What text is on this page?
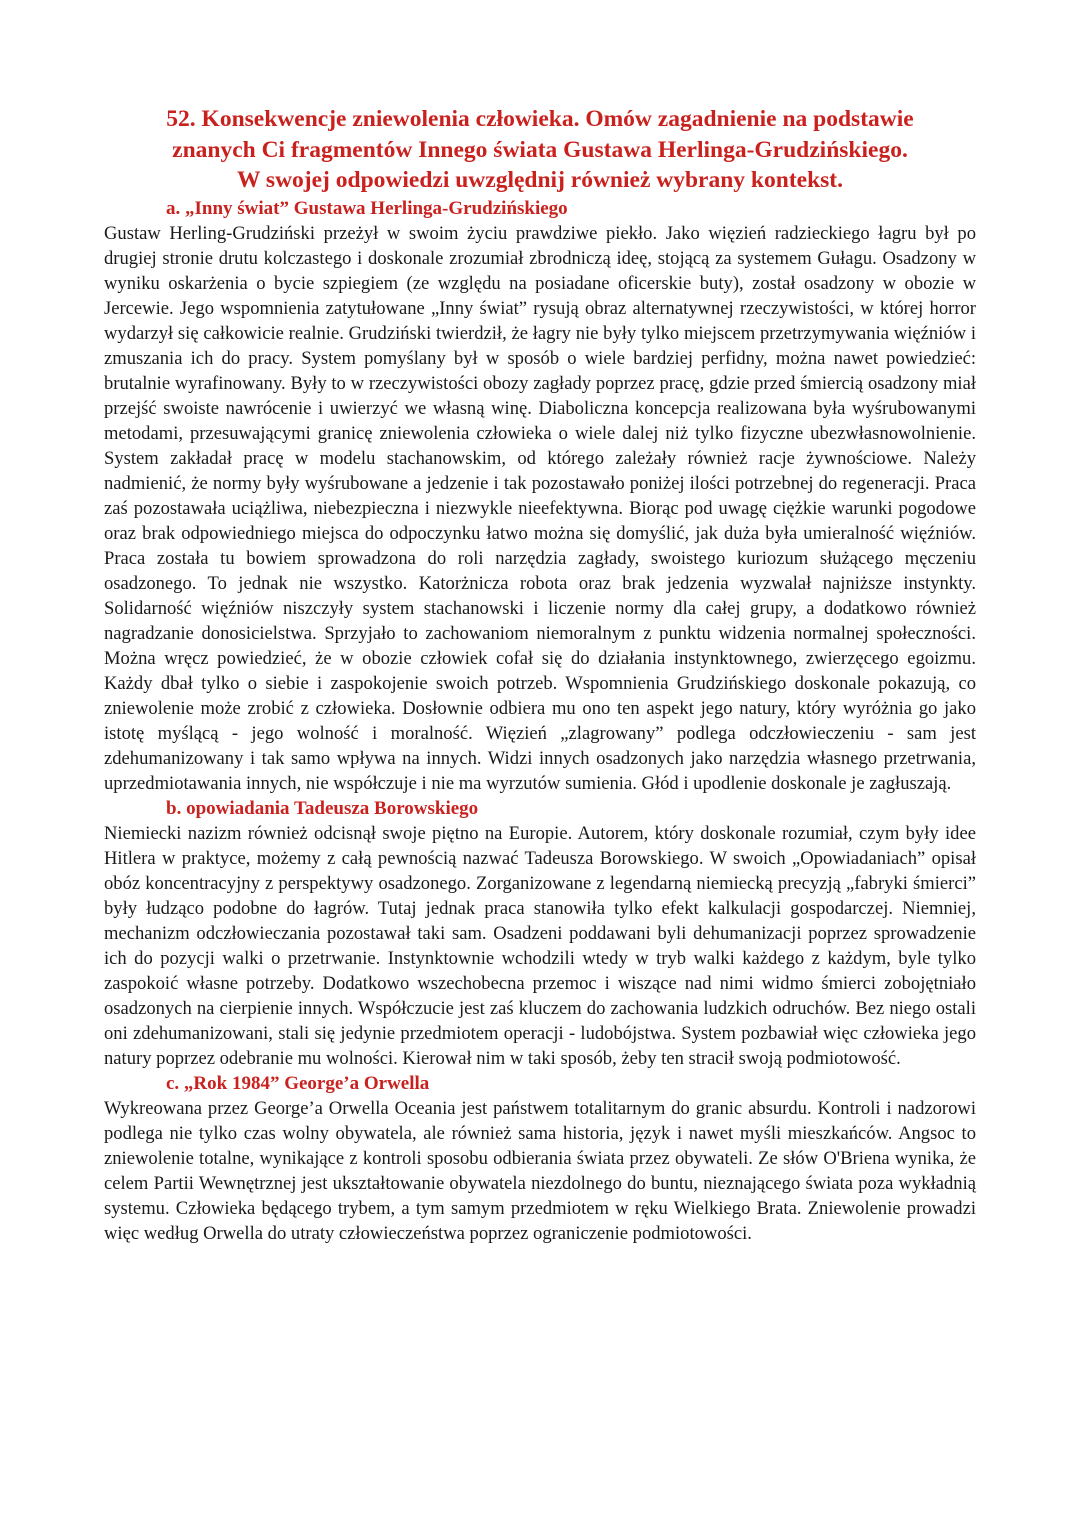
52. Konsekwencje zniewolenia człowieka. Omów zagadnienie na podstawie
znanych Ci fragmentów Innego świata Gustawa Herlinga-Grudzińskiego.
W swojej odpowiedzi uwzględnij również wybrany kontekst.
a. „Inny świat” Gustawa Herlinga-Grudzińskiego

Gustaw Herling-Grudziński przeżył w swoim życiu prawdziwe piekło. Jako więzień radzieckiego łagru był po drugiej stronie drutu kolczastego i doskonale zrozumiał zbrodniczą ideę, stojącą za systemem Gułagu. Osadzony w wyniku oskarżenia o bycie szpiegiem (ze względu na posiadane oficerskie buty), został osadzony w obozie w Jercewie. Jego wspomnienia zatytułowane „Inny świat” rysują obraz alternatywnej rzeczywistości, w której horror wydarzył się całkowicie realnie. Grudziński twierdził, że łagry nie były tylko miejscem przetrzymywania więźniów i zmuszania ich do pracy. System pomyślany był w sposób o wiele bardziej perfidny, można nawet powiedzieć: brutalnie wyrafinowany. Były to w rzeczywistości obozy zagłady poprzez pracę, gdzie przed śmiercią osadzony miał przejść swoiste nawrócenie i uwierzyć we własną winę. Diaboliczna koncepcja realizowana była wyśrubowanymi metodami, przesuwającymi granicę zniewolenia człowieka o wiele dalej niż tylko fizyczne ubezwłasnowolnienie. System zakładał pracę w modelu stachanowskim, od którego zależały również racje żywnościowe. Należy nadmienić, że normy były wyśrubowane a jedzenie i tak pozostawało poniżej ilości potrzebnej do regeneracji. Praca zaś pozostawała uciążliwa, niebezpieczna i niezwykle nieefektywna. Biorąc pod uwagę ciężkie warunki pogodowe oraz brak odpowiedniego miejsca do odpoczynku łatwo można się domyślić, jak duża była umieralność więźniów. Praca została tu bowiem sprowadzona do roli narzędzia zagłady, swoistego kuriozum służącego męczeniu osadzonego. To jednak nie wszystko. Katorżnicza robota oraz brak jedzenia wyzwalał najniższe instynkty. Solidarność więźniów niszczyły system stachanowski i liczenie normy dla całej grupy, a dodatkowo również nagradzanie donosicielstwa. Sprzyjało to zachowaniom niemoralnym z punktu widzenia normalnej społeczności. Można wręcz powiedzieć, że w obozie człowiek cofał się do działania instynktownego, zwierzęcego egoizmu. Każdy dbał tylko o siebie i zaspokojenie swoich potrzeb. Wspomnienia Grudzińskiego doskonale pokazują, co zniewolenie może zrobić z człowieka. Dosłownie odbiera mu ono ten aspekt jego natury, który wyróżnia go jako istotę myślącą - jego wolność i moralność. Więzień „zlagrowany” podlega odczłowieczeniu - sam jest zdehumanizowany i tak samo wpływa na innych. Widzi innych osadzonych jako narzędzia własnego przetrwania, uprzedmiotawania innych, nie współczuje i nie ma wyrzutów sumienia. Głód i upodlenie doskonale je zagłuszają.

b. opowiadania Tadeusza Borowskiego

Niemiecki nazizm również odcisnął swoje piętno na Europie. Autorem, który doskonale rozumiał, czym były idee Hitlera w praktyce, możemy z całą pewnością nazwać Tadeusza Borowskiego. W swoich „Opowiadaniach” opisał obóz koncentracyjny z perspektywy osadzonego. Zorganizowane z legendarną niemiecką precyzją „fabryki śmierci” były łudząco podobne do łagrów. Tutaj jednak praca stanowiła tylko efekt kalkulacji gospodarczej. Niemniej, mechanizm odczłowieczania pozostawał taki sam. Osadzeni poddawani byli dehumanizacji poprzez sprowadzenie ich do pozycji walki o przetrwanie. Instynktownie wchodzili wtedy w tryb walki każdego z każdym, byle tylko zaspokoić własne potrzeby. Dodatkowo wszechobecna przemoc i wiszące nad nimi widmo śmierci zobojętniało osadzonych na cierpienie innych. Współczucie jest zaś kluczem do zachowania ludzkich odruchów. Bez niego ostali oni zdehumanizowani, stali się jedynie przedmiotem operacji - ludobójstwa. System pozbawiał więc człowieka jego natury poprzez odebranie mu wolności. Kierował nim w taki sposób, żeby ten stracił swoją podmiotowość.

c. „Rok 1984” George’a Orwella

Wykreowana przez George’a Orwella Oceania jest państwem totalitarnym do granic absurdu. Kontroli i nadzorowi podlega nie tylko czas wolny obywatela, ale również sama historia, język i nawet myśli mieszkańców. Angsoc to zniewolenie totalne, wynikające z kontroli sposobu odbierania świata przez obywateli. Ze słów O'Briena wynika, że celem Partii Wewnętrznej jest ukształtowanie obywatela niezdolnego do buntu, nieznającego świata poza wykładnią systemu. Człowieka będącego trybem, a tym samym przedmiotem w ręku Wielkiego Brata. Zniewolenie prowadzi więc według Orwella do utraty człowieczeństwa poprzez ograniczenie podmiotowości.
